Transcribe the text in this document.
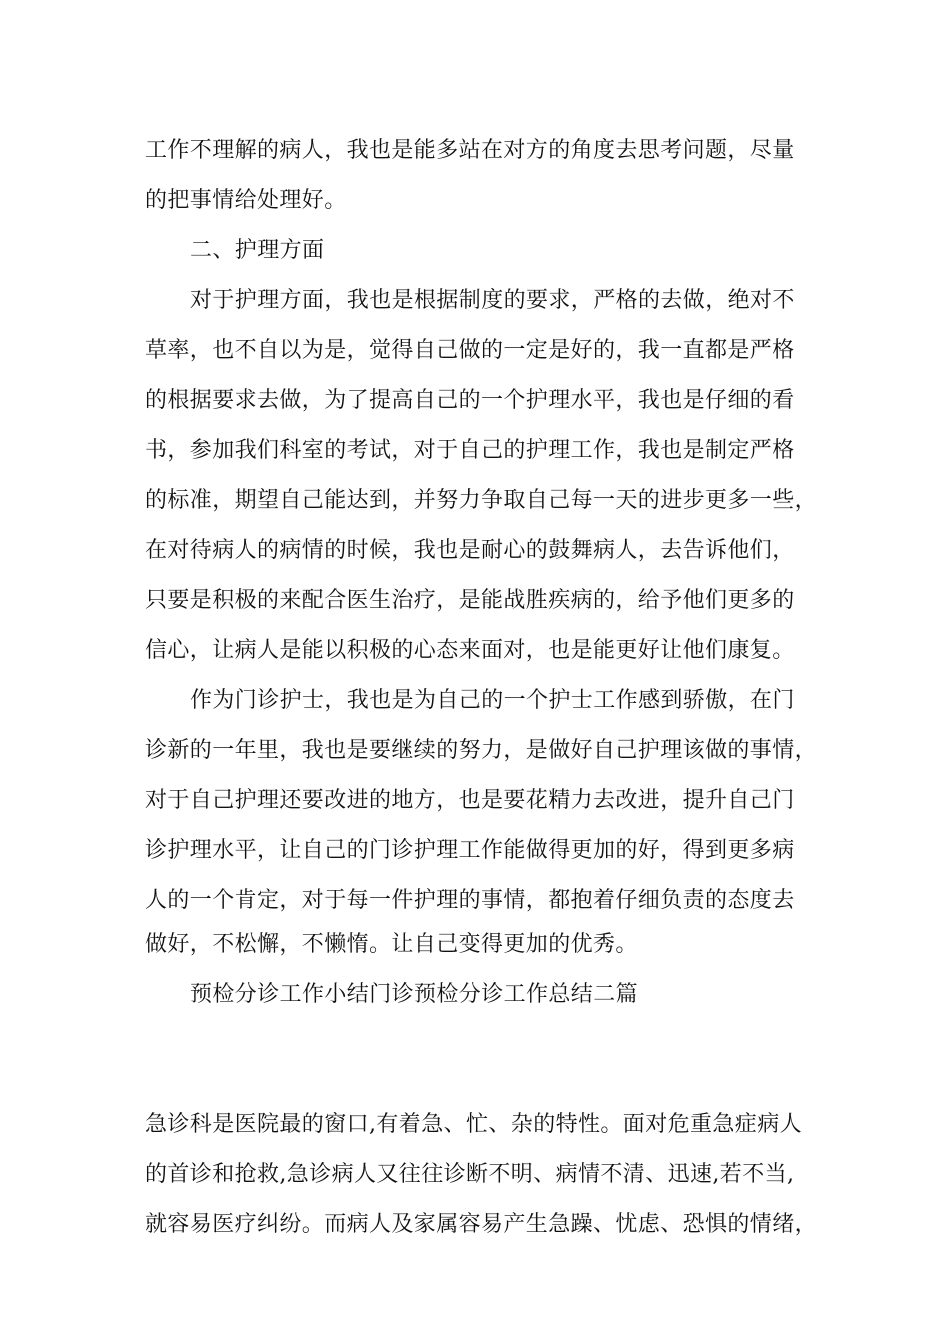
工作不理解的病人，我也是能多站在对方的角度去思考问题，尽量
的把事情给处理好。
二、护理方面
对于护理方面，我也是根据制度的要求，严格的去做，绝对不
草率，也不自以为是，觉得自己做的一定是好的，我一直都是严格
的根据要求去做，为了提高自己的一个护理水平，我也是仔细的看
书，参加我们科室的考试，对于自己的护理工作，我也是制定严格
的标准，期望自己能达到，并努力争取自己每一天的进步更多一些，
在对待病人的病情的时候，我也是耐心的鼓舞病人，去告诉他们，
只要是积极的来配合医生治疗，是能战胜疾病的，给予他们更多的
信心，让病人是能以积极的心态来面对，也是能更好让他们康复。
作为门诊护士，我也是为自己的一个护士工作感到骄傲，在门
诊新的一年里，我也是要继续的努力，是做好自己护理该做的事情，
对于自己护理还要改进的地方，也是要花精力去改进，提升自己门
诊护理水平，让自己的门诊护理工作能做得更加的好，得到更多病
人的一个肯定，对于每一件护理的事情，都抱着仔细负责的态度去
做好，不松懈，不懒惰。让自己变得更加的优秀。
预检分诊工作小结门诊预检分诊工作总结二篇
急诊科是医院最的窗口,有着急、忙、杂的特性。面对危重急症病人
的首诊和抢救,急诊病人又往往诊断不明、病情不清、迅速,若不当,
就容易医疗纠纷。而病人及家属容易产生急躁、忧虑、恐惧的情绪，
